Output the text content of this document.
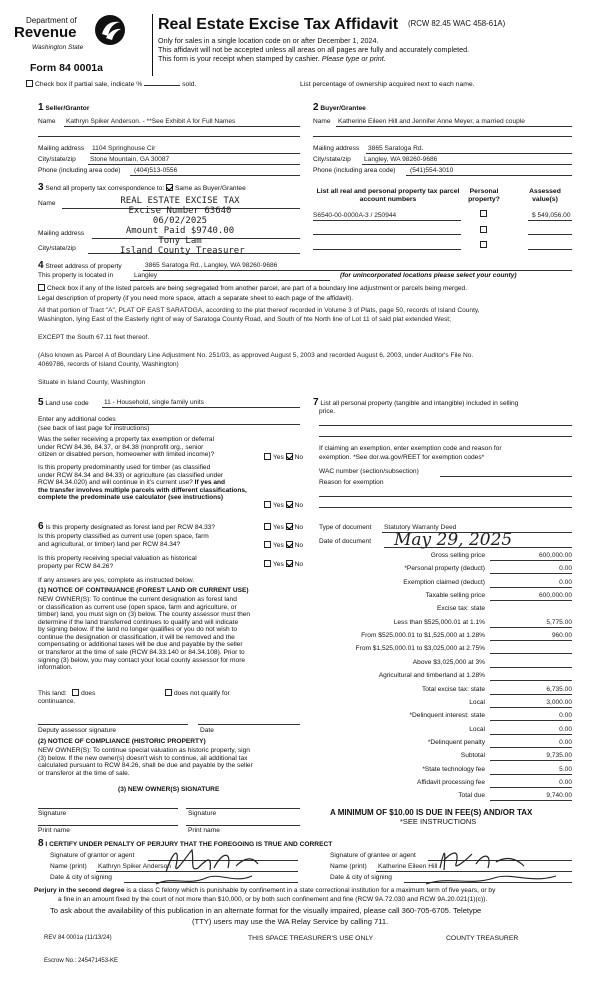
Department of
Revenue
Washington State
Form 84 0001a
Real Estate Excise Tax Affidavit (RCW 82.45 WAC 458-61A)
Only for sales in a single location code on or after December 1, 2024.
This affidavit will not be accepted unless all areas on all pages are fully and accurately completed.
This form is your receipt when stamped by cashier. Please type or print.
Check box if partial sale, indicate %	sold.	List percentage of ownership acquired next to each name.
1 Seller/Grantor
Name Kathryn Spiker Anderson. - **See Exhibit A for Full Names
Mailing address 1104 Springhouse Cir
City/state/zip Stone Mountain, GA 30087
Phone (including area code) (404)513-0556
2 Buyer/Grantee
Name Katherine Eileen Hill and Jennifer Anne Meyer, a married couple
Mailing address 3865 Saratoga Rd.
City/state/zip Langley, WA 98260-9686
Phone (including area code) (541)554-3010
3 Send all property tax correspondence to: Same as Buyer/Grantee
Name
Mailing address
City/state/zip
REAL ESTATE EXCISE TAX
Excise Number 63640
06/02/2025
Amount Paid $9740.00
Tony Lam
Island County Treasurer
List all real and personal property tax parcel account numbers
Personal property?
Assessed value(s)
S6540-00-0000A-3 / 250944	$ 549,056.00
4 Street address of property	3865 Saratoga Rd., Langley, WA 98260-9686
This property is located in	Langley	(for unincorporated locations please select your county)
Check box if any of the listed parcels are being segregated from another parcel, are part of a boundary line adjustment or parcels being merged.
Legal description of property (if you need more space, attach a separate sheet to each page of the affidavit).
All that portion of Tract "A", PLAT OF EAST SARATOGA, according to the plat thereof recorded in Volume 3 of Plats, page 50, records of Island County,
Washington, lying East of the Easterly right of way of Saratoga County Road, and South of hte North line of Lot 11 of said plat extended West;
EXCEPT the South 67.11 feet thereof.
(Also known as Parcel A of Boundary Line Adjustment No. 251/03, as approved August 5, 2003 and recorded August 6, 2003, under Auditor's File No.
4069786, records of Island County, Washington)
Situate in Island County, Washington
5 Land use code 11 - Household, single family units
Enter any additional codes
(see back of last page for instructions)
Was the seller receiving a property tax exemption or deferral
under RCW 84.36, 84.37, or 84.38 (nonprofit org., senior
citizen or disabled person, homeowner with limited income)?	Yes No
Is this property predominantly used for timber (as classified
under RCW 84.34 and 84.33) or agriculture (as classified under
RCW 84.34.020) and will continue in it's current use? If yes and
the transfer involves multiple parcels with different classifications,
complete the predominate use calculator (see instructions)
Yes No
7 List all personal property (tangible and intangible) included in selling
price.
If claiming an exemption, enter exemption code and reason for
exemption. *See dor.wa.gov/REET for exemption codes*
WAC number (section/subsection)
Reason for exemption
6 Is this property designated as forest land per RCW 84.33?	Yes No
Is this property classified as current use (open space, farm
and agricultural, or timber) land per RCW 84.34?	Yes No
Is this property receiving special valuation as historical
property per RCW 84.26?	Yes No
If any answers are yes, complete as instructed below.
(1) NOTICE OF CONTINUANCE (FOREST LAND OR CURRENT USE)
NEW OWNER(S): To continue the current designation as forest land
or classification as current use (open space, farm and agriculture, or
timber) land, you must sign on (3) below. The county assessor must then
determine if the land transferred continues to qualify and will indicate
by signing below. If the land no longer qualifies or you do not wish to
continue the designation or classification, it will be removed and the
compensating or additional taxes will be due and payable by the seller
or transferor at the time of sale (RCW 84.33.140 or 84.34.108). Prior to
signing (3) below, you may contact your local county assessor for more
information.
This land: does	does not qualify for
continuance.
Deputy assessor signature	Date
(2) NOTICE OF COMPLIANCE (HISTORIC PROPERTY)
NEW OWNER(S): To continue special valuation as historic property, sign
(3) below. If the new owner(s) doesn't wish to continue, all additional tax
calculated pursuant to RCW 84.26, shall be due and payable by the seller
or transferor at the time of sale.
(3) NEW OWNER(S) SIGNATURE
Signature	Signature
Print name	Print name
Type of document Statutory Warranty Deed
Date of document May 29, 2025
Gross selling price	600,000.00
*Personal property (deduct)	0.00
Exemption claimed (deduct)	0.00
Taxable selling price	600,000.00
Excise tax: state
Less than $525,000.01 at 1.1%	5,775.00
From $525,000.01 to $1,525,000 at 1.28%	960.00
From $1,525,000.01 to $3,025,000 at 2.75%
Above $3,025,000 at 3%
Agricultural and timberland at 1.28%
Total excise tax: state	6,735.00
Local	3,000.00
*Delinquent interest: state	0.00
Local	0.00
*Delinquent penalty	0.00
Subtotal	9,735.00
*State technology fee	5.00
Affidavit processing fee	0.00
Total due	9,740.00
A MINIMUM OF $10.00 IS DUE IN FEE(S) AND/OR TAX
*SEE INSTRUCTIONS
8 I CERTIFY UNDER PENALTY OF PERJURY THAT THE FOREGOING IS TRUE AND CORRECT
Signature of grantor or agent
Name (print) Kathryn Spiker Anderson
Date & city of signing
Signature of grantee or agent
Name (print) Katherine Eileen Hill
Date & city of signing
Perjury in the second degree is a class C felony which is punishable by confinement in a state correctional institution for a maximum term of five years, or by
a fine in an amount fixed by the court of not more than $10,000, or by both such confinement and fine (RCW 9A.72.030 and RCW 9A.20.021(1)(c)).
To ask about the availability of this publication in an alternate format for the visually impaired, please call 360-705-6705. Teletype
(TTY) users may use the WA Relay Service by calling 711.
REV 84 0001a (11/13/24)	THIS SPACE TREASURER'S USE ONLY	COUNTY TREASURER
Escrow No.: 245471453-KE
